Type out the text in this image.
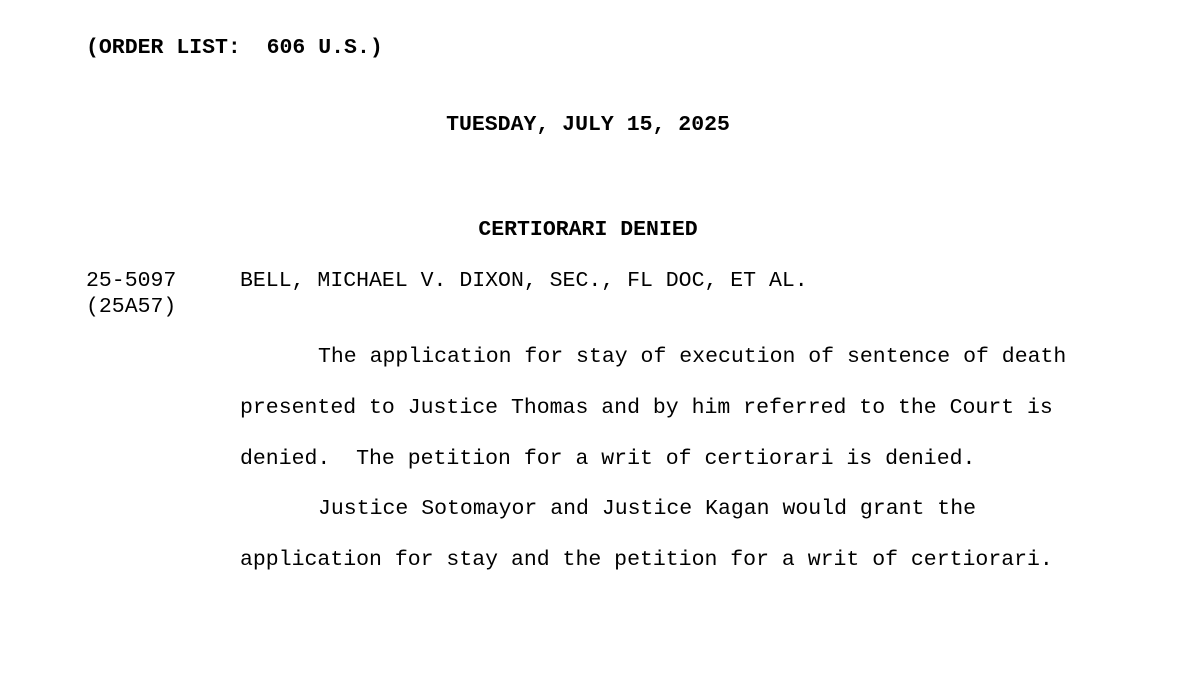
(ORDER LIST:  606 U.S.)
TUESDAY, JULY 15, 2025
CERTIORARI DENIED
25-5097
(25A57)
BELL, MICHAEL V. DIXON, SEC., FL DOC, ET AL.
The application for stay of execution of sentence of death
presented to Justice Thomas and by him referred to the Court is
denied.  The petition for a writ of certiorari is denied.
Justice Sotomayor and Justice Kagan would grant the
application for stay and the petition for a writ of certiorari.
